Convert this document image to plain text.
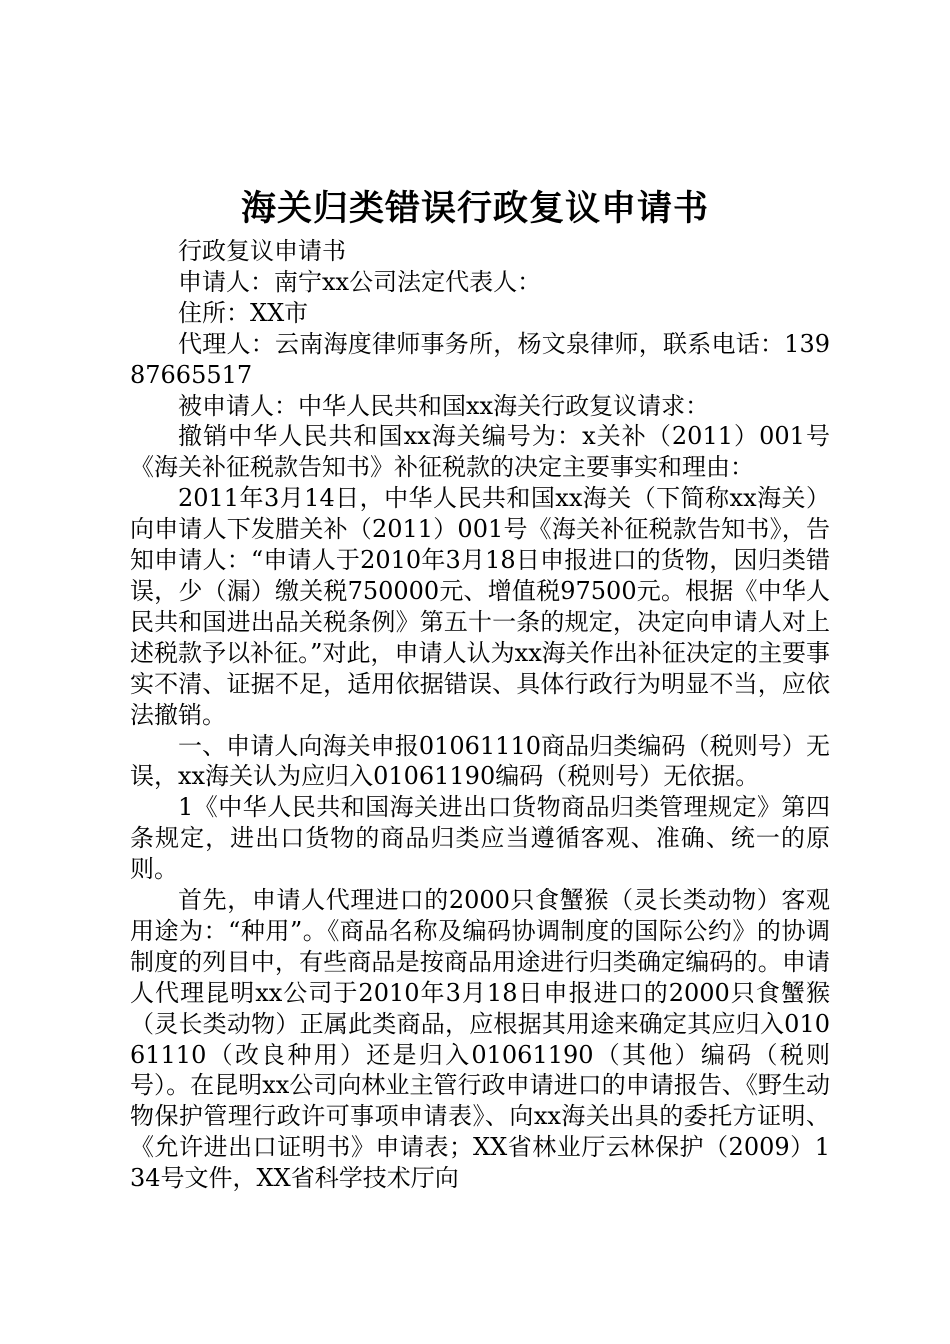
海关归类错误行政复议申请书

行政复议申请书

申请人：南宁xx公司法定代表人：

住所：XX市

代理人：云南海度律师事务所，杨文泉律师，联系电话：13987665517

被申请人：中华人民共和国xx海关行政复议请求：

撤销中华人民共和国xx海关编号为：x关补（2011）001号《海关补征税款告知书》补征税款的决定主要事实和理由：

2011年3月14日，中华人民共和国xx海关（下简称xx海关）向申请人下发腊关补（2011）001号《海关补征税款告知书》，告知申请人：“申请人于2010年3月18日申报进口的货物，因归类错误，少（漏）缴关税750000元、增值税97500元。根据《中华人民共和国进出品关税条例》第五十一条的规定，决定向申请人对上述税款予以补征。”对此，申请人认为xx海关作出补征决定的主要事实不清、证据不足，适用依据错误、具体行政行为明显不当，应依法撤销。

一、申请人向海关申报01061110商品归类编码（税则号）无误，xx海关认为应归入01061190编码（税则号）无依据。

1《中华人民共和国海关进出口货物商品归类管理规定》第四条规定，进出口货物的商品归类应当遵循客观、准确、统一的原则。

首先，申请人代理进口的2000只食蟹猴（灵长类动物）客观用途为：“种用”。《商品名称及编码协调制度的国际公约》的协调制度的列目中，有些商品是按商品用途进行归类确定编码的。申请人代理昆明xx公司于2010年3月18日申报进口的2000只食蟹猴（灵长类动物）正属此类商品，应根据其用途来确定其应归入01061110（改良种用）还是归入01061190（其他）编码（税则号）。在昆明xx公司向林业主管行政申请进口的申请报告、《野生动物保护管理行政许可事项申请表》、向xx海关出具的委托方证明、《允许进出口证明书》申请表；XX省林业厅云林保护（2009）134号文件，XX省科学技术厅向
